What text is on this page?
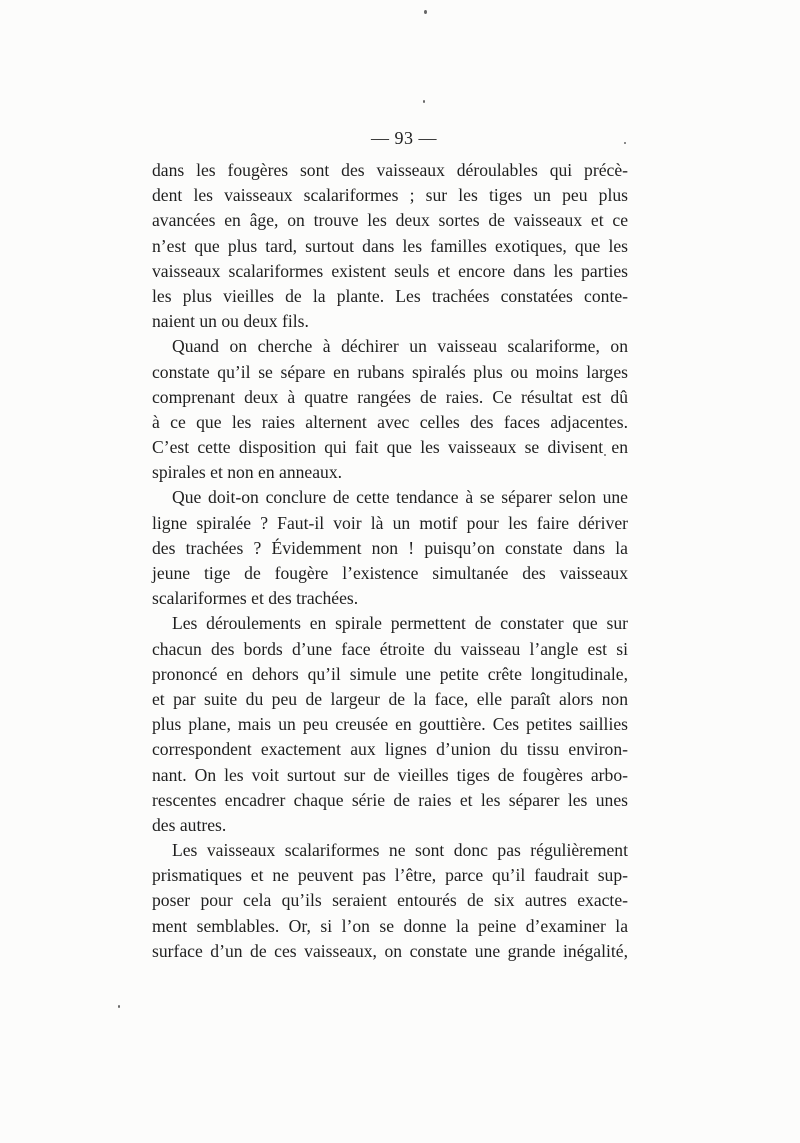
— 93 —
dans les fougères sont des vaisseaux déroulables qui précè-
dent les vaisseaux scalariformes ; sur les tiges un peu plus
avancées en âge, on trouve les deux sortes de vaisseaux et ce
n’est que plus tard, surtout dans les familles exotiques, que les
vaisseaux scalariformes existent seuls et encore dans les parties
les plus vieilles de la plante. Les trachées constatées conte-
naient un ou deux fils.
Quand on cherche à déchirer un vaisseau scalariforme, on
constate qu’il se sépare en rubans spiralés plus ou moins larges
comprenant deux à quatre rangées de raies. Ce résultat est dû
à ce que les raies alternent avec celles des faces adjacentes.
C’est cette disposition qui fait que les vaisseaux se divisent en
spirales et non en anneaux.
Que doit-on conclure de cette tendance à se séparer selon une
ligne spiralée ? Faut-il voir là un motif pour les faire dériver
des trachées ? Évidemment non ! puisqu’on constate dans la
jeune tige de fougère l’existence simultanée des vaisseaux
scalariformes et des trachées.
Les déroulements en spirale permettent de constater que sur
chacun des bords d’une face étroite du vaisseau l’angle est si
prononcé en dehors qu’il simule une petite crête longitudinale,
et par suite du peu de largeur de la face, elle paraît alors non
plus plane, mais un peu creusée en gouttière. Ces petites saillies
correspondent exactement aux lignes d’union du tissu environ-
nant. On les voit surtout sur de vieilles tiges de fougères arbo-
rescentes encadrer chaque série de raies et les séparer les unes
des autres.
Les vaisseaux scalariformes ne sont donc pas régulièrement
prismatiques et ne peuvent pas l’être, parce qu’il faudrait sup-
poser pour cela qu’ils seraient entourés de six autres exacte-
ment semblables. Or, si l’on se donne la peine d’examiner la
surface d’un de ces vaisseaux, on constate une grande inégalité,
